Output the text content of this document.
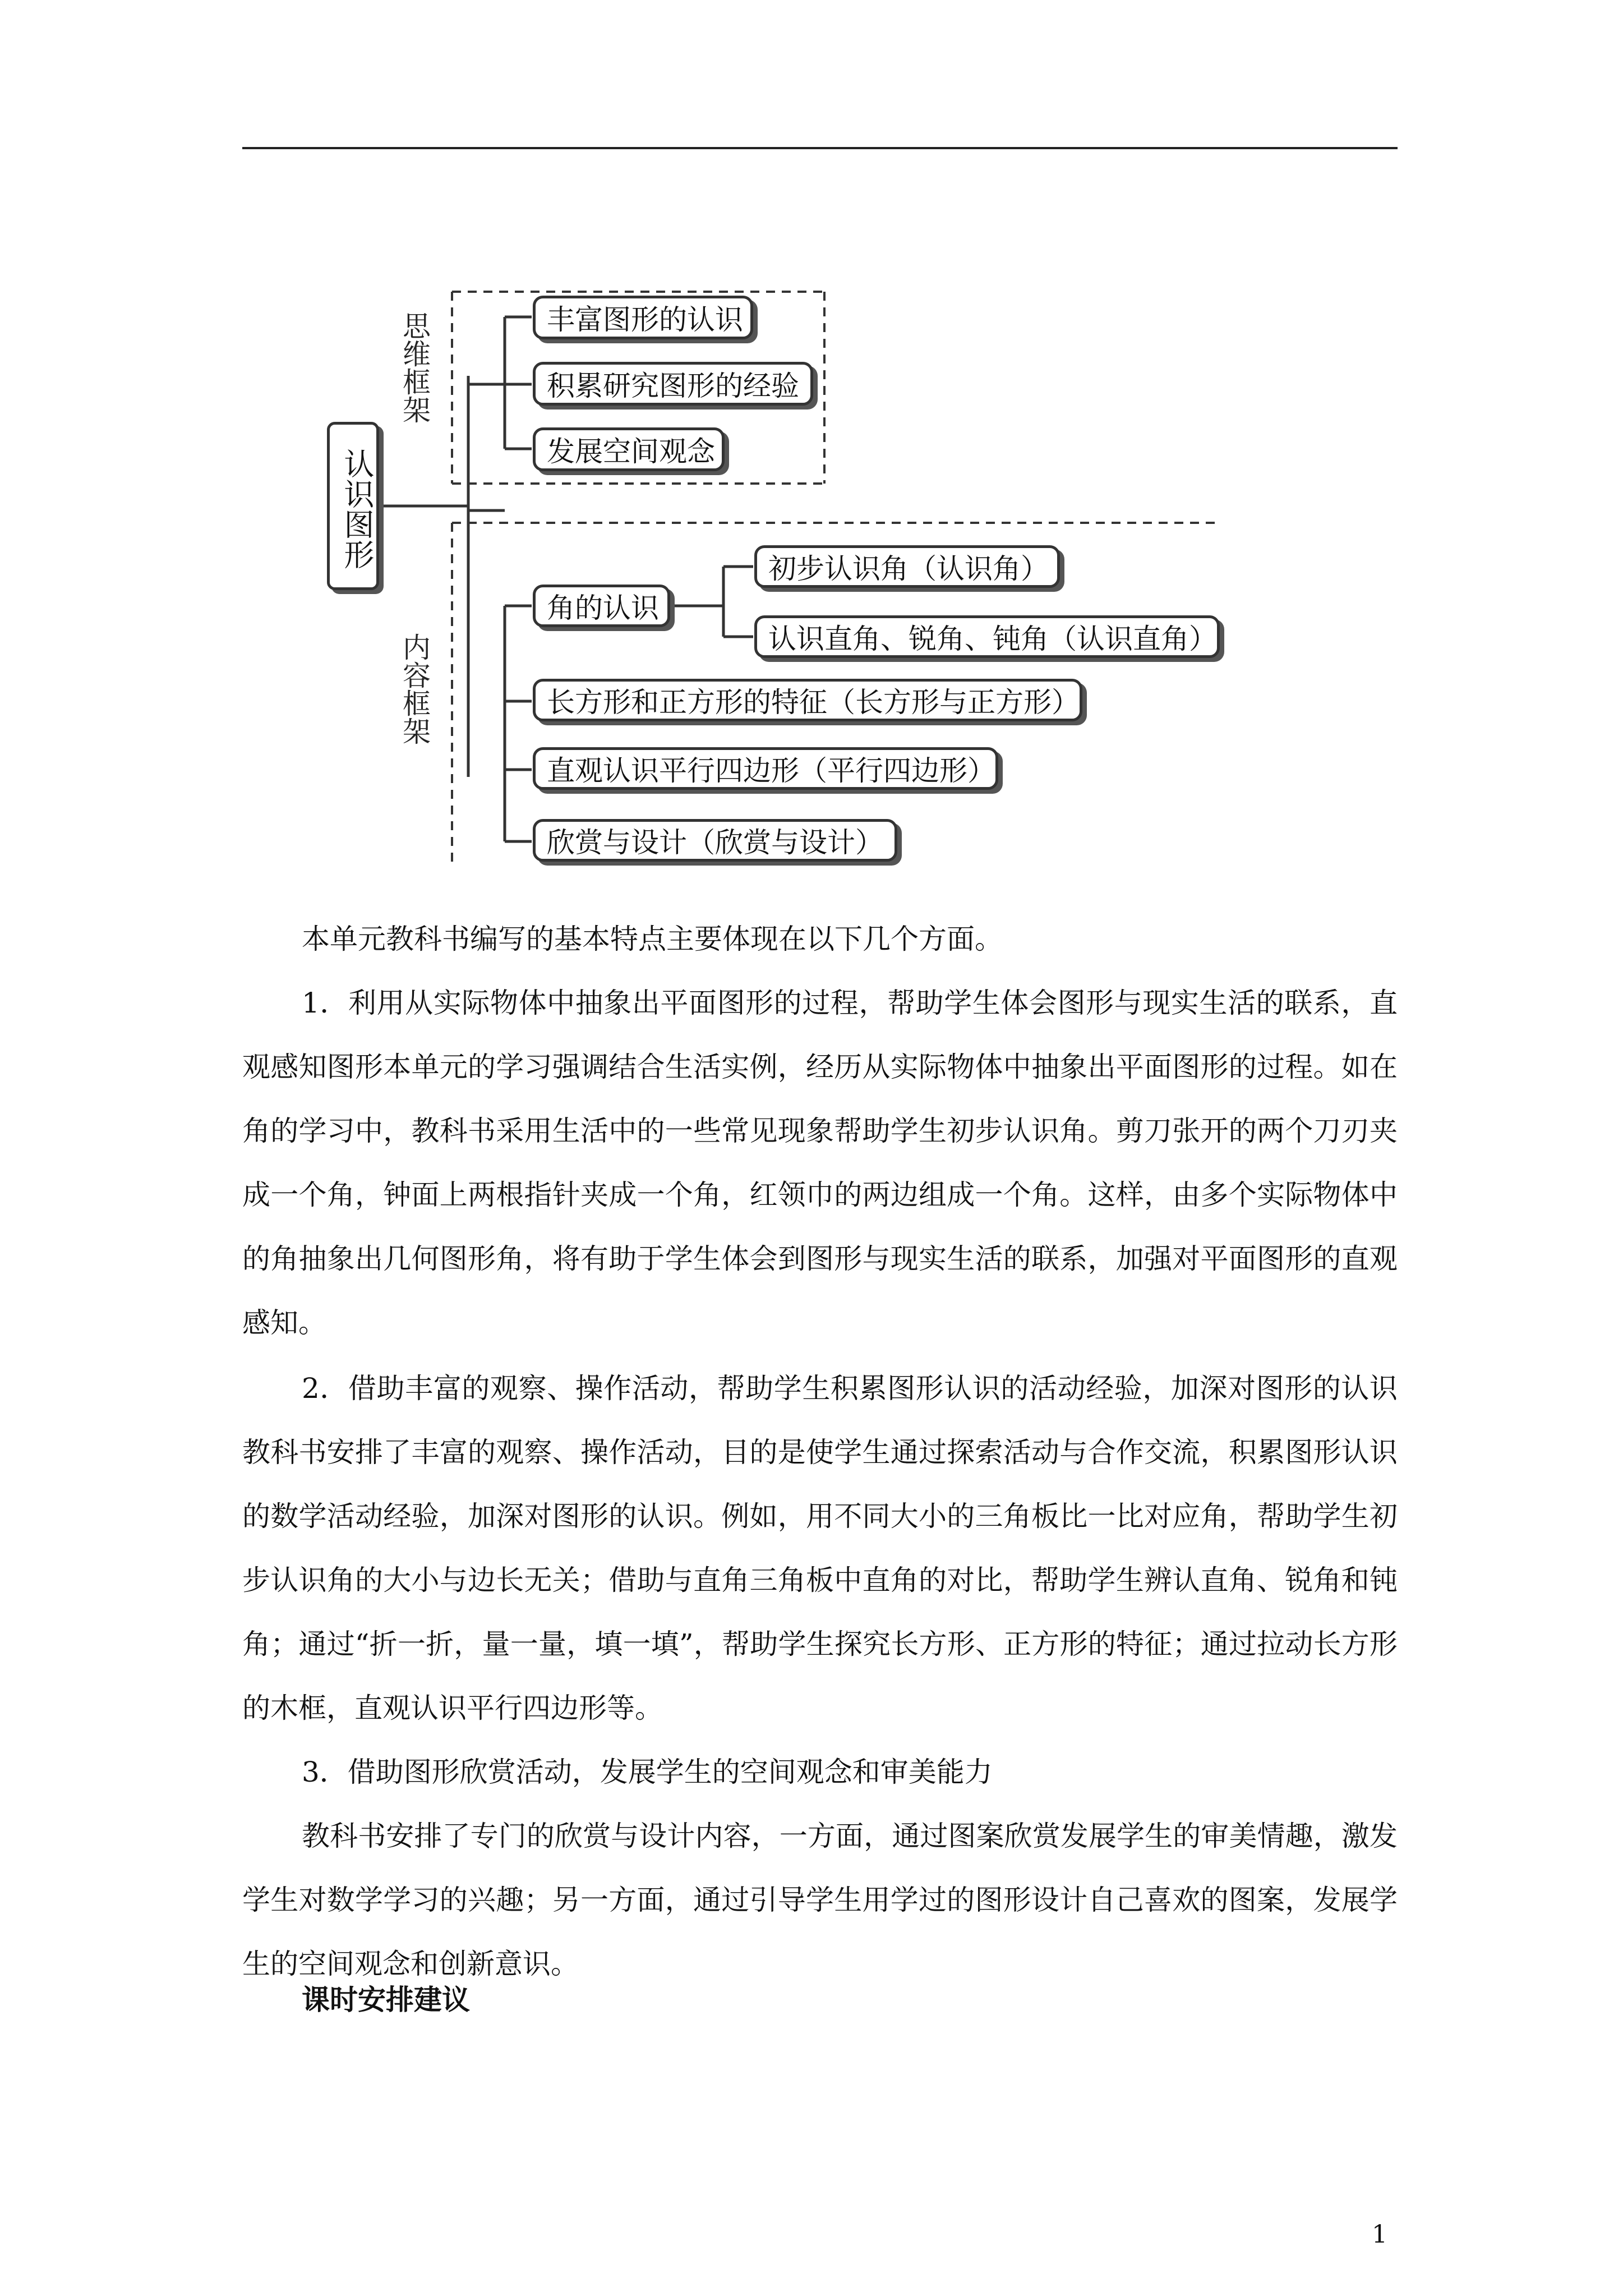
认识图形
思维框架
内容框架
丰富图形的认识
积累研究图形的经验
发展空间观念
角的认识
初步认识角（认识角）
认识直角、锐角、钝角（认识直角）
长方形和正方形的特征（长方形与正方形）
直观认识平行四边形（平行四边形）
欣赏与设计（欣赏与设计）

本单元教科书编写的基本特点主要体现在以下几个方面。

1．利用从实际物体中抽象出平面图形的过程，帮助学生体会图形与现实生活的联系，直观感知图形本单元的学习强调结合生活实例，经历从实际物体中抽象出平面图形的过程。如在角的学习中，教科书采用生活中的一些常见现象帮助学生初步认识角。剪刀张开的两个刀刃夹成一个角，钟面上两根指针夹成一个角，红领巾的两边组成一个角。这样，由多个实际物体中的角抽象出几何图形角，将有助于学生体会到图形与现实生活的联系，加强对平面图形的直观感知。

2．借助丰富的观察、操作活动，帮助学生积累图形认识的活动经验，加深对图形的认识教科书安排了丰富的观察、操作活动，目的是使学生通过探索活动与合作交流，积累图形认识的数学活动经验，加深对图形的认识。例如，用不同大小的三角板比一比对应角，帮助学生初步认识角的大小与边长无关；借助与直角三角板中直角的对比，帮助学生辨认直角、锐角和钝角；通过“折一折，量一量，填一填”，帮助学生探究长方形、正方形的特征；通过拉动长方形的木框，直观认识平行四边形等。

3．借助图形欣赏活动，发展学生的空间观念和审美能力

教科书安排了专门的欣赏与设计内容，一方面，通过图案欣赏发展学生的审美情趣，激发学生对数学学习的兴趣；另一方面，通过引导学生用学过的图形设计自己喜欢的图案，发展学生的空间观念和创新意识。

课时安排建议

1
